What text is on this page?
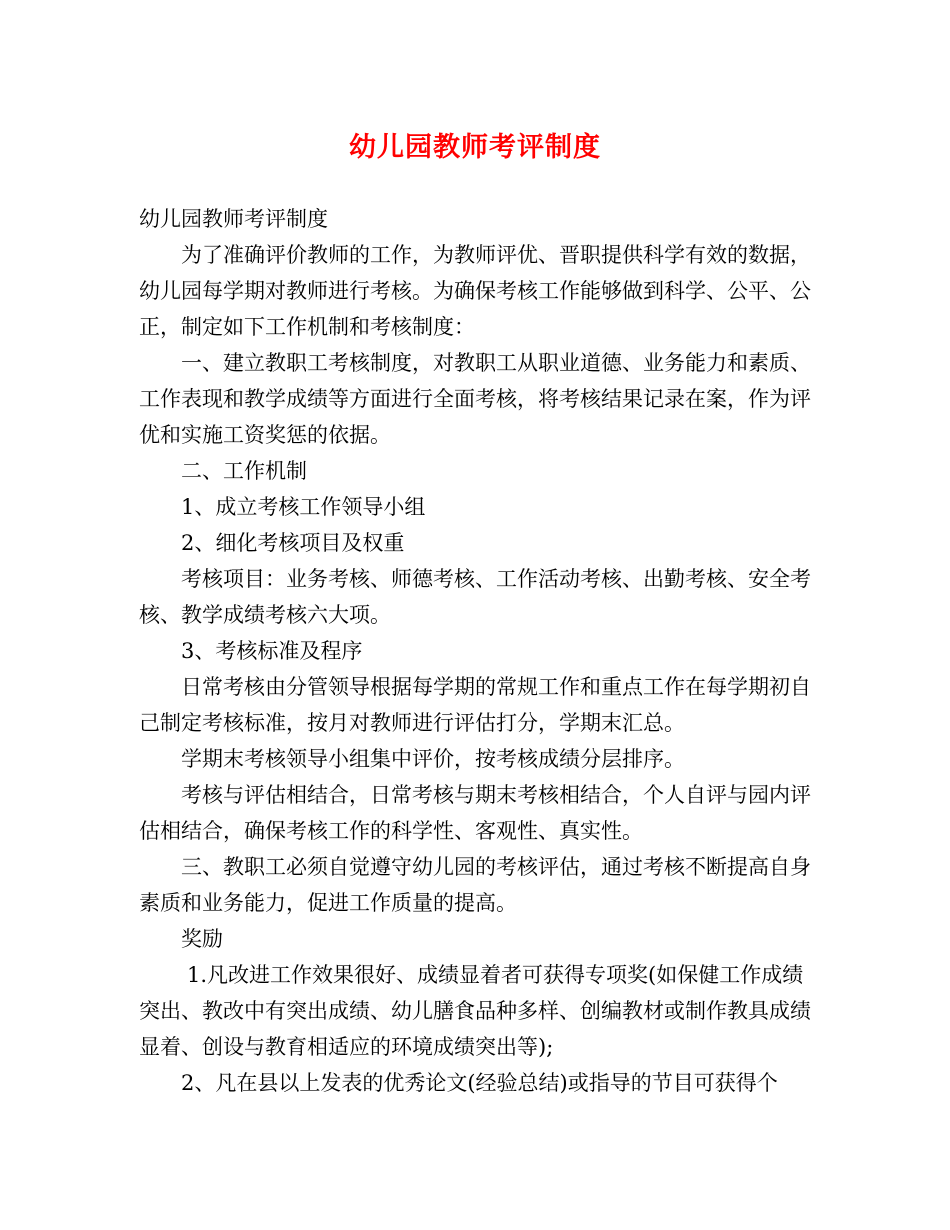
幼儿园教师考评制度

幼儿园教师考评制度

为了准确评价教师的工作，为教师评优、晋职提供科学有效的数据，幼儿园每学期对教师进行考核。为确保考核工作能够做到科学、公平、公正，制定如下工作机制和考核制度：

一、建立教职工考核制度，对教职工从职业道德、业务能力和素质、工作表现和教学成绩等方面进行全面考核，将考核结果记录在案，作为评优和实施工资奖惩的依据。

二、工作机制

1、成立考核工作领导小组

2、细化考核项目及权重

考核项目：业务考核、师德考核、工作活动考核、出勤考核、安全考核、教学成绩考核六大项。

3、考核标准及程序

日常考核由分管领导根据每学期的常规工作和重点工作在每学期初自己制定考核标准，按月对教师进行评估打分，学期末汇总。

学期末考核领导小组集中评价，按考核成绩分层排序。

考核与评估相结合，日常考核与期末考核相结合，个人自评与园内评估相结合，确保考核工作的科学性、客观性、真实性。

三、教职工必须自觉遵守幼儿园的考核评估，通过考核不断提高自身素质和业务能力，促进工作质量的提高。

奖励

1.凡改进工作效果很好、成绩显着者可获得专项奖(如保健工作成绩突出、教改中有突出成绩、幼儿膳食品种多样、创编教材或制作教具成绩显着、创设与教育相适应的环境成绩突出等);

2、凡在县以上发表的优秀论文(经验总结)或指导的节目可获得个
